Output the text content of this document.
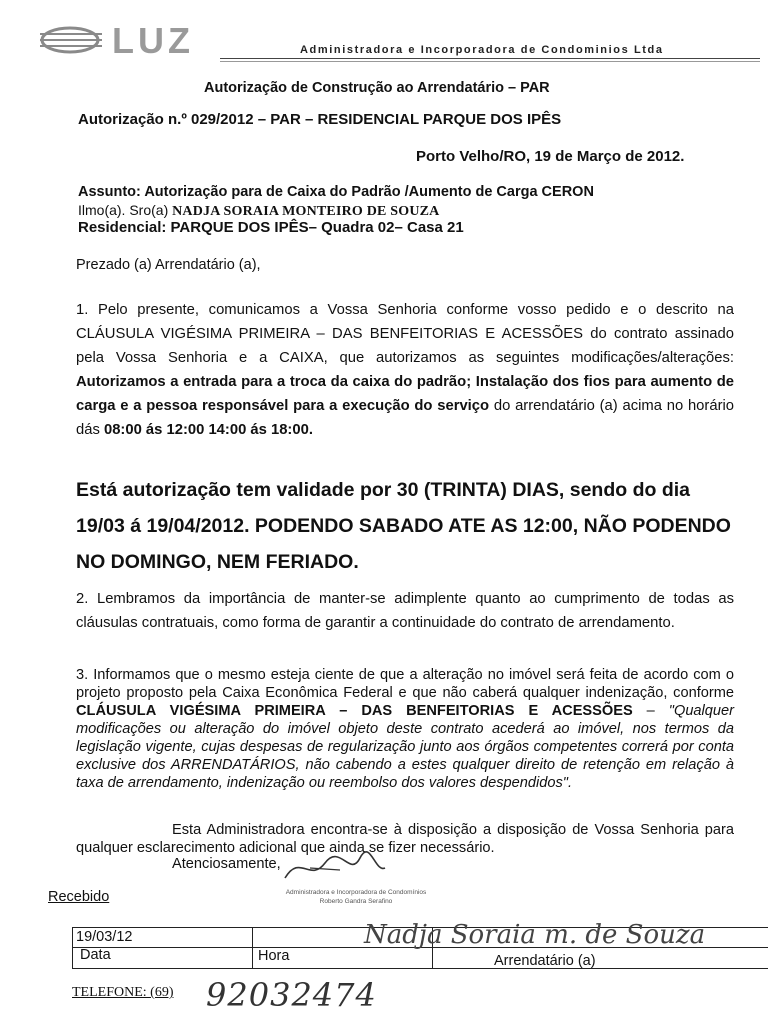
LUZ	Administradora e Incorporadora de Condominios Ltda
Autorização de Construção ao Arrendatário – PAR
Autorização n.º 029/2012 – PAR – RESIDENCIAL PARQUE DOS IPÊS
Porto Velho/RO, 19 de Março de 2012.
Assunto: Autorização para de Caixa do Padrão /Aumento de Carga CERON
Ilmo(a). Sro(a) NADJA SORAIA MONTEIRO DE SOUZA
Residencial: PARQUE DOS IPÊS– Quadra 02– Casa 21
Prezado (a) Arrendatário (a),
1. Pelo presente, comunicamos a Vossa Senhoria conforme vosso pedido e o descrito na CLÁUSULA VIGÉSIMA PRIMEIRA – DAS BENFEITORIAS E ACESSÕES do contrato assinado pela Vossa Senhoria e a CAIXA, que autorizamos as seguintes modificações/alterações: Autorizamos a entrada para a troca da caixa do padrão; Instalação dos fios para aumento de carga e a pessoa responsável para a execução do serviço do arrendatário (a) acima no horário dás 08:00 ás 12:00 14:00 ás 18:00.
Está autorização tem validade por 30 (TRINTA) DIAS, sendo do dia 19/03 á 19/04/2012. PODENDO SABADO ATE AS 12:00, NÃO PODENDO NO DOMINGO, NEM FERIADO.
2. Lembramos da importância de manter-se adimplente quanto ao cumprimento de todas as cláusulas contratuais, como forma de garantir a continuidade do contrato de arrendamento.
3. Informamos que o mesmo esteja ciente de que a alteração no imóvel será feita de acordo com o projeto proposto pela Caixa Econômica Federal e que não caberá qualquer indenização, conforme CLÁUSULA VIGÉSIMA PRIMEIRA – DAS BENFEITORIAS E ACESSÕES – "Qualquer modificações ou alteração do imóvel objeto deste contrato acederá ao imóvel, nos termos da legislação vigente, cujas despesas de regularização junto aos órgãos competentes correrá por conta exclusive dos ARRENDATÁRIOS, não cabendo a estes qualquer direito de retenção em relação à taxa de arrendamento, indenização ou reembolso dos valores despendidos".
Esta Administradora encontra-se à disposição a disposição de Vossa Senhoria para qualquer esclarecimento adicional que ainda se fizer necessário.
Atenciosamente,
Administradora e Incorporadora de Condomínios
Roberto Gandra Serafino
Recebido
19/03/12
Data	Hora	Arrendatário (a)
Nadja Soraia m. de Souza
TELEFONE: (69) 92032474
